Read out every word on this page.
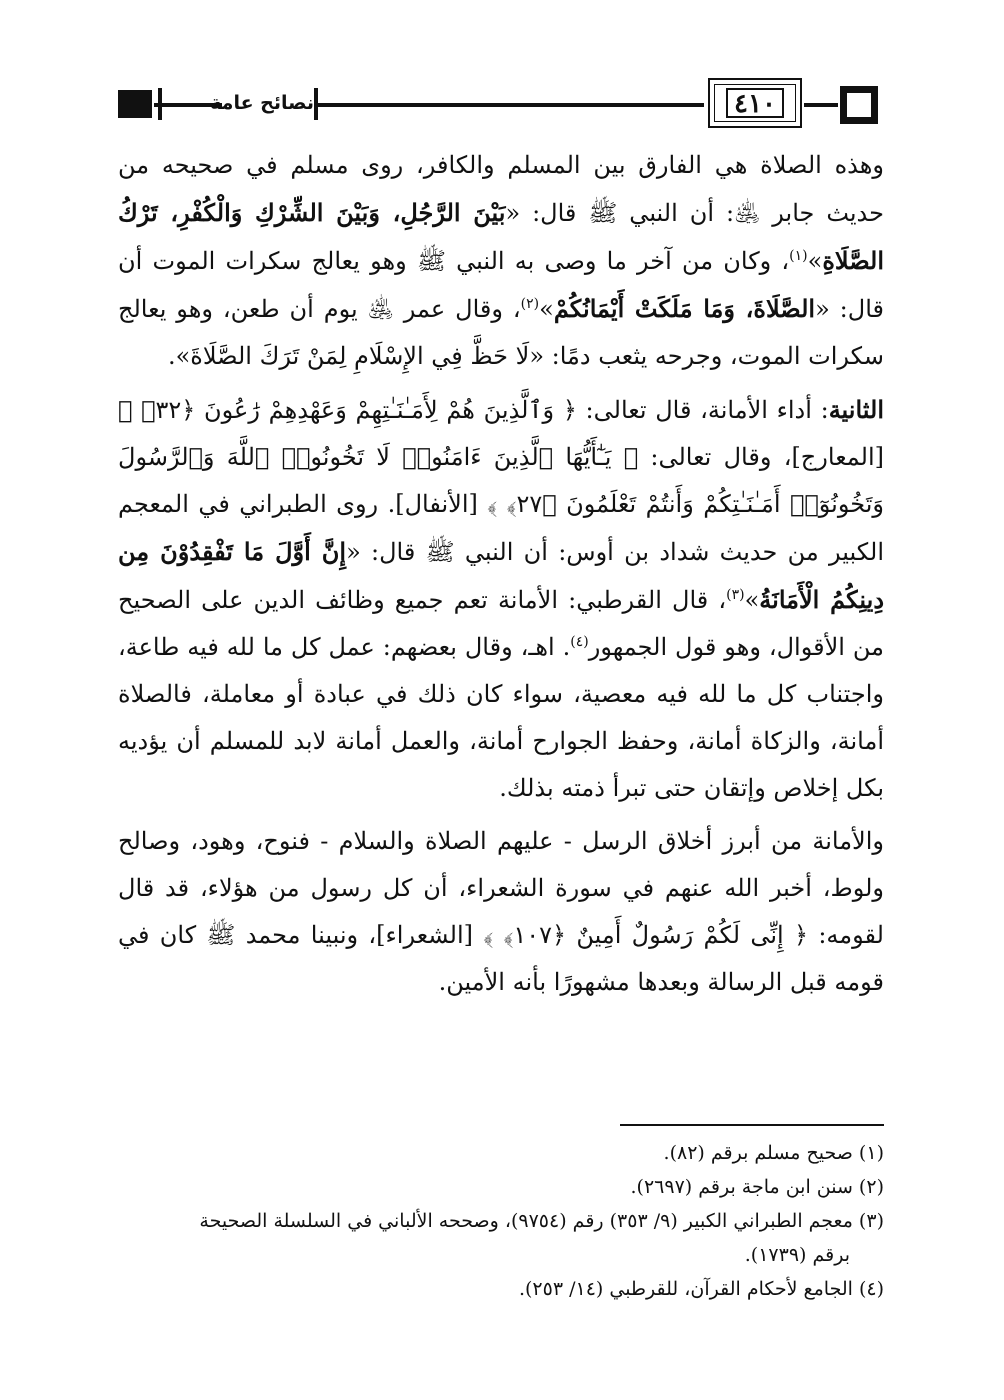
نصائح عامة	٤١٠

وهذه الصلاة هي الفارق بين المسلم والكافر، روى مسلم في صحيحه من حديث جابر ﵁: أن النبي ﷺ قال: «بَيْنَ الرَّجُلِ، وَبَيْنَ الشِّرْكِ وَالْكُفْرِ، تَرْكُ الصَّلَاةِ»$^{(١)}$، وكان من آخر ما وصى به النبي ﷺ وهو يعالج سكرات الموت أن قال: «الصَّلَاةَ، وَمَا مَلَكَتْ أَيْمَانُكُمْ»$^{(٢)}$، وقال عمر ﵁ يوم أن طعن، وهو يعالج سكرات الموت، وجرحه يثعب دمًا: «لَا حَظَّ فِي الإِسْلَامِ لِمَنْ تَرَكَ الصَّلَاةَ».

الثانية: أداء الأمانة، قال تعالى: ﴿ وَٱلَّذِينَ هُمْ لِأَمَـٰنَـٰتِهِمْ وَعَهْدِهِمْ رَٰعُونَ ﴿٣٢﴾ ﴾ [المعارج]، وقال تعالى: ﴿ يَـٰٓأَيُّهَا ٱلَّذِينَ ءَامَنُوا۟ لَا تَخُونُوا۟ ٱللَّهَ وَٱلرَّسُولَ وَتَخُونُوٓا۟ أَمَـٰنَـٰتِكُمْ وَأَنتُمْ تَعْلَمُونَ ﴿٢٧﴾ ﴾ [الأنفال]. روى الطبراني في المعجم الكبير من حديث شداد بن أوس: أن النبي ﷺ قال: «إِنَّ أَوَّلَ مَا تَفْقِدُوْنَ مِن دِينِكُمُ الْأَمَانَةُ»$^{(٣)}$، قال القرطبي: الأمانة تعم جميع وظائف الدين على الصحيح من الأقوال، وهو قول الجمهور$^{(٤)}$. اهـ، وقال بعضهم: عمل كل ما لله فيه طاعة، واجتناب كل ما لله فيه معصية، سواء كان ذلك في عبادة أو معاملة، فالصلاة أمانة، والزكاة أمانة، وحفظ الجوارح أمانة، والعمل أمانة لابد للمسلم أن يؤديه بكل إخلاص وإتقان حتى تبرأ ذمته بذلك.

والأمانة من أبرز أخلاق الرسل - عليهم الصلاة والسلام - فنوح، وهود، وصالح ولوط، أخبر الله عنهم في سورة الشعراء، أن كل رسول من هؤلاء، قد قال لقومه: ﴿ إِنِّى لَكُمْ رَسُولٌ أَمِينٌ ﴿١٠٧﴾ ﴾ [الشعراء]، ونبينا محمد ﷺ كان في قومه قبل الرسالة وبعدها مشهورًا بأنه الأمين.

(١) صحيح مسلم برقم (٨٢).
(٢) سنن ابن ماجة برقم (٢٦٩٧).
(٣) معجم الطبراني الكبير (٩/ ٣٥٣) رقم (٩٧٥٤)، وصححه الألباني في السلسلة الصحيحة
برقم (١٧٣٩).
(٤) الجامع لأحكام القرآن، للقرطبي (١٤/ ٢٥٣).
